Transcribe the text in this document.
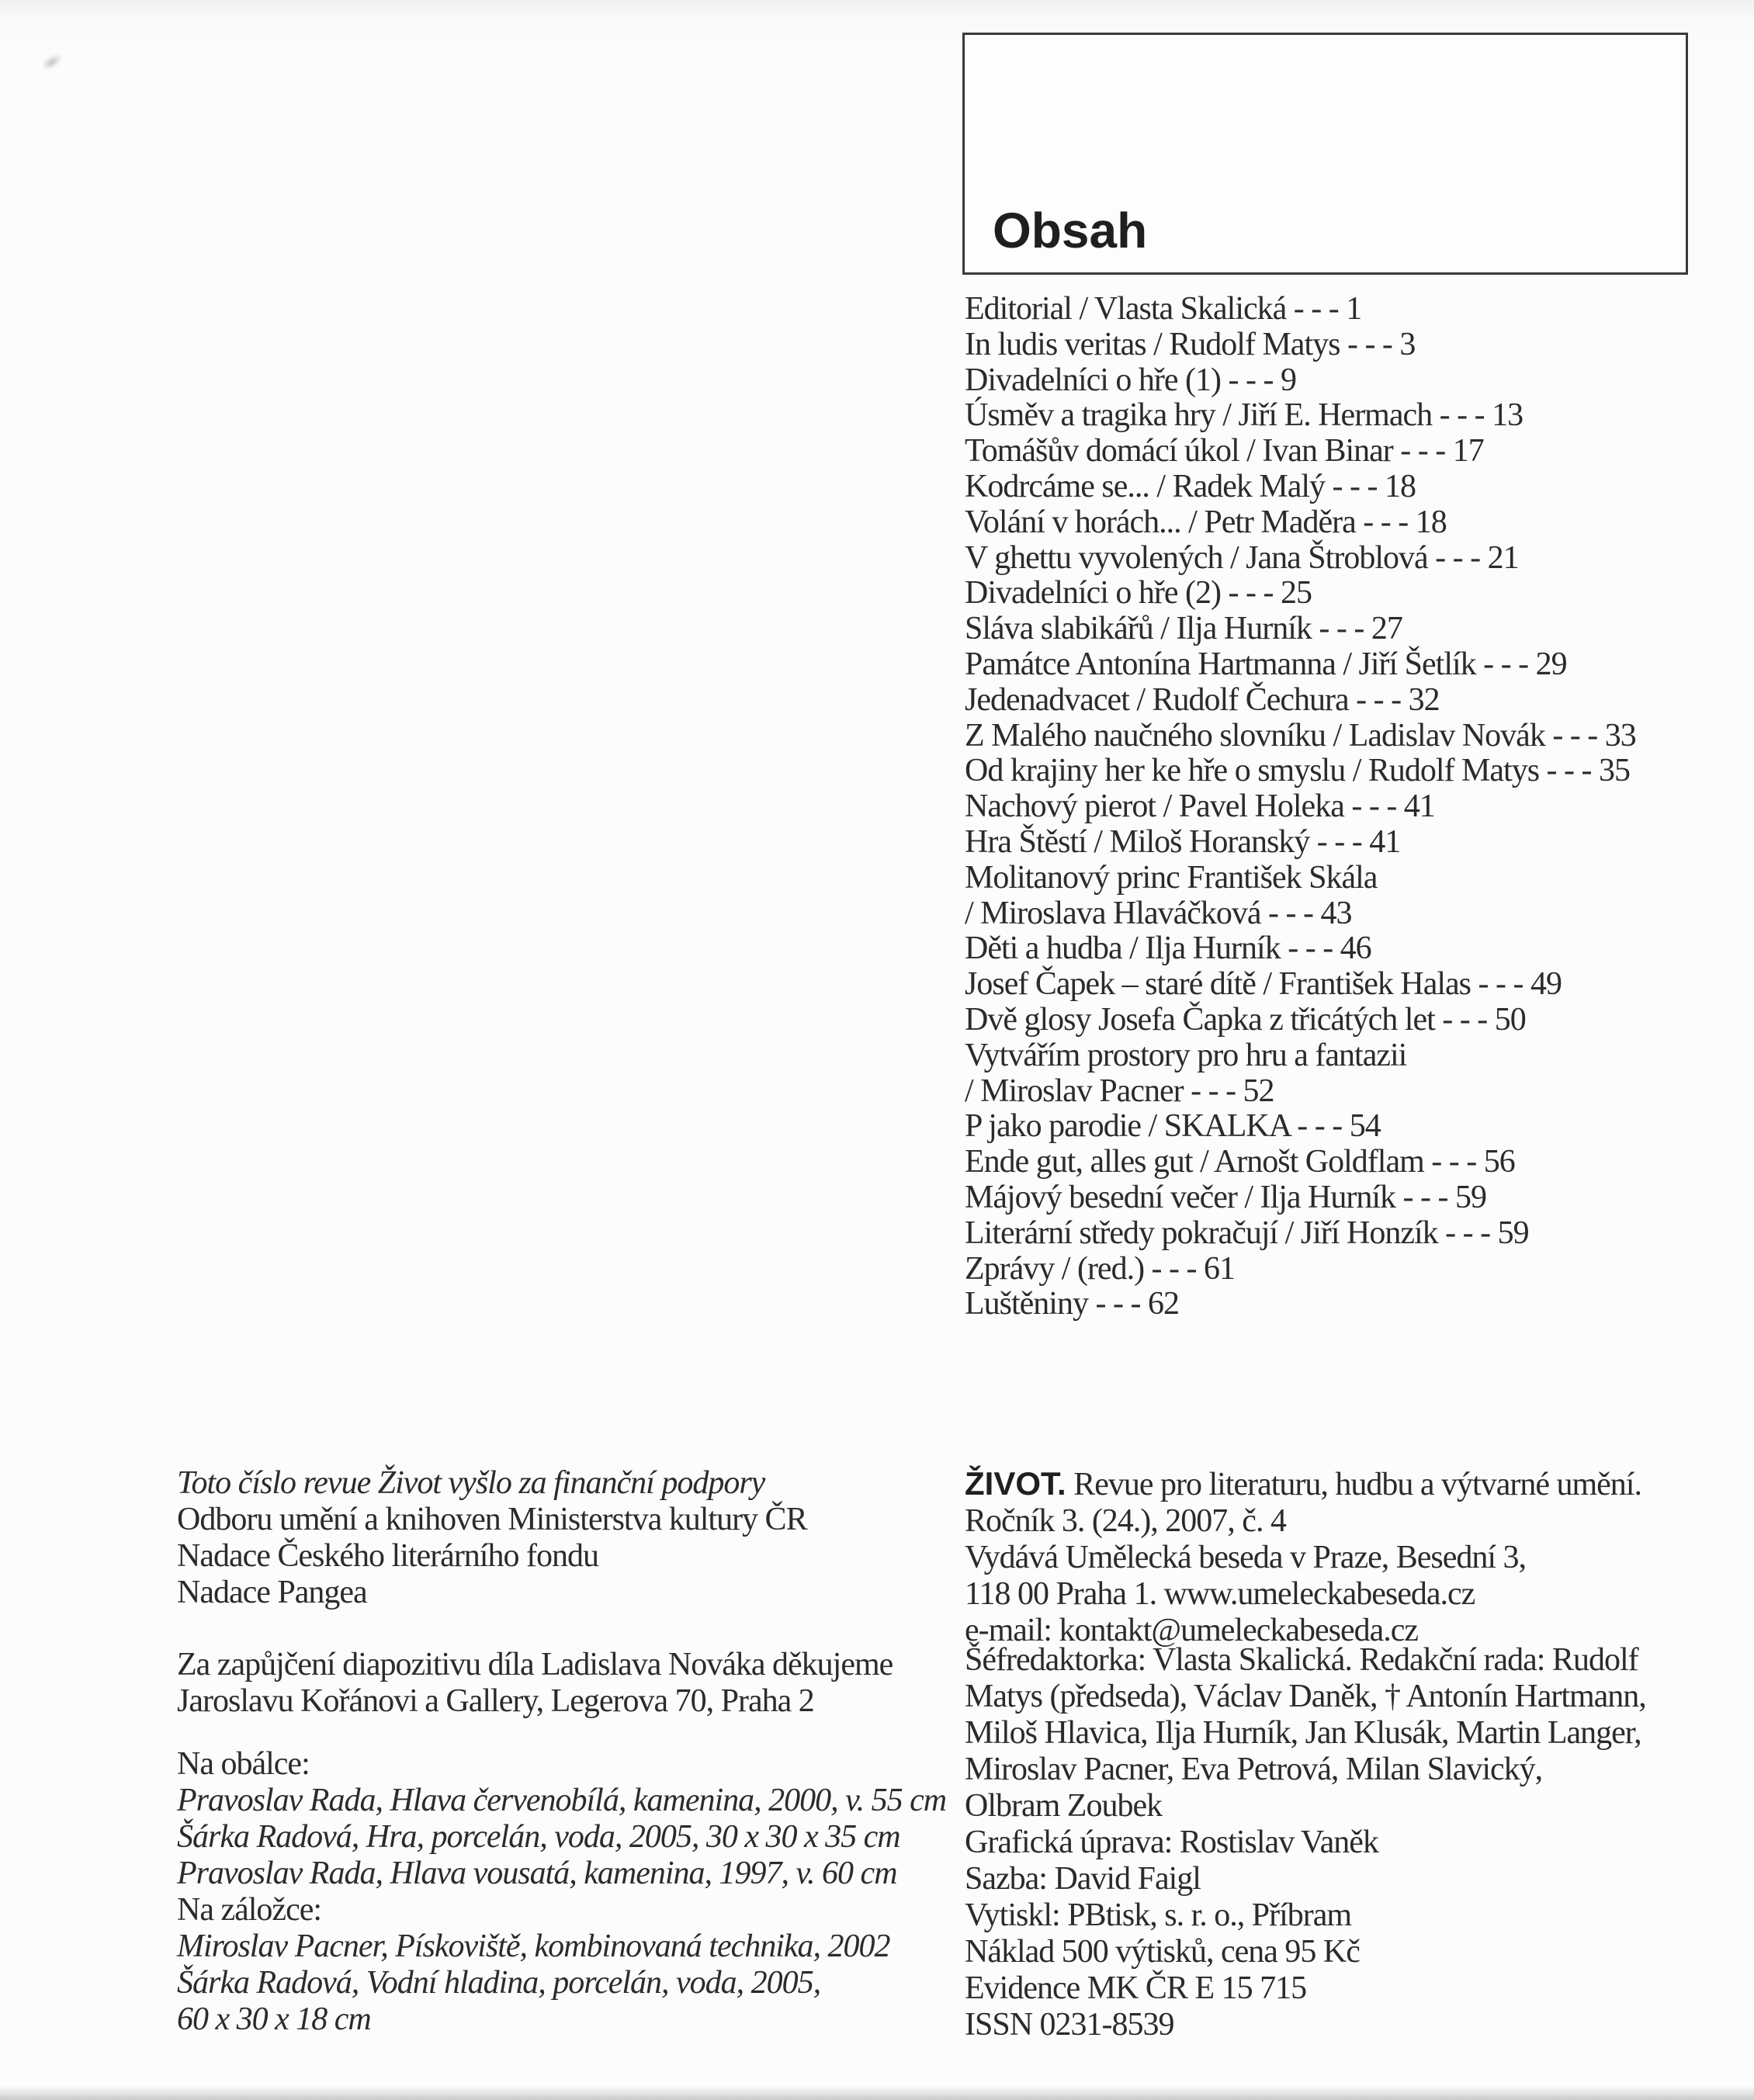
Obsah
Editorial / Vlasta Skalická - - - 1
In ludis veritas / Rudolf Matys - - - 3
Divadelníci o hře (1) - - - 9
Úsměv a tragika hry / Jiří E. Hermach - - - 13
Tomášův domácí úkol / Ivan Binar - - - 17
Kodrcáme se... / Radek Malý - - - 18
Volání v horách... / Petr Maděra - - - 18
V ghettu vyvolených / Jana Štroblová - - - 21
Divadelníci o hře (2) - - - 25
Sláva slabikářů / Ilja Hurník - - - 27
Památce Antonína Hartmanna / Jiří Šetlík - - - 29
Jedenadvacet / Rudolf Čechura - - - 32
Z Malého naučného slovníku / Ladislav Novák - - - 33
Od krajiny her ke hře o smyslu / Rudolf Matys - - - 35
Nachový pierot / Pavel Holeka - - - 41
Hra Štěstí / Miloš Horanský - - - 41
Molitanový princ František Skála
/ Miroslava Hlaváčková - - - 43
Děti a hudba / Ilja Hurník - - - 46
Josef Čapek – staré dítě / František Halas - - - 49
Dvě glosy Josefa Čapka z třicátých let - - - 50
Vytvářím prostory pro hru a fantazii
/ Miroslav Pacner - - - 52
P jako parodie / SKALKA - - - 54
Ende gut, alles gut / Arnošt Goldflam - - - 56
Májový besední večer / Ilja Hurník - - - 59
Literární středy pokračují / Jiří Honzík - - - 59
Zprávy / (red.) - - - 61
Luštěniny - - - 62
Toto číslo revue Život vyšlo za finanční podpory
Odboru umění a knihoven Ministerstva kultury ČR
Nadace Českého literárního fondu
Nadace Pangea
Za zapůjčení diapozitivu díla Ladislava Nováka děkujeme
Jaroslavu Kořánovi a Gallery, Legerova 70, Praha 2
Na obálce:
Pravoslav Rada, Hlava červenobílá, kamenina, 2000, v. 55 cm
Šárka Radová, Hra, porcelán, voda, 2005, 30 x 30 x 35 cm
Pravoslav Rada, Hlava vousatá, kamenina, 1997, v. 60 cm
Na záložce:
Miroslav Pacner, Pískoviště, kombinovaná technika, 2002
Šárka Radová, Vodní hladina, porcelán, voda, 2005,
60 x 30 x 18 cm
ŽIVOT. Revue pro literaturu, hudbu a výtvarné umění.
Ročník 3. (24.), 2007, č. 4
Vydává Umělecká beseda v Praze, Besední 3,
118 00 Praha 1. www.umeleckabeseda.cz
e-mail: kontakt@umeleckabeseda.cz
Šéfredaktorka: Vlasta Skalická. Redakční rada: Rudolf
Matys (předseda), Václav Daněk, † Antonín Hartmann,
Miloš Hlavica, Ilja Hurník, Jan Klusák, Martin Langer,
Miroslav Pacner, Eva Petrová, Milan Slavický,
Olbram Zoubek
Grafická úprava: Rostislav Vaněk
Sazba: David Faigl
Vytiskl: PBtisk, s. r. o., Příbram
Náklad 500 výtisků, cena 95 Kč
Evidence MK ČR E 15 715
ISSN 0231-8539
